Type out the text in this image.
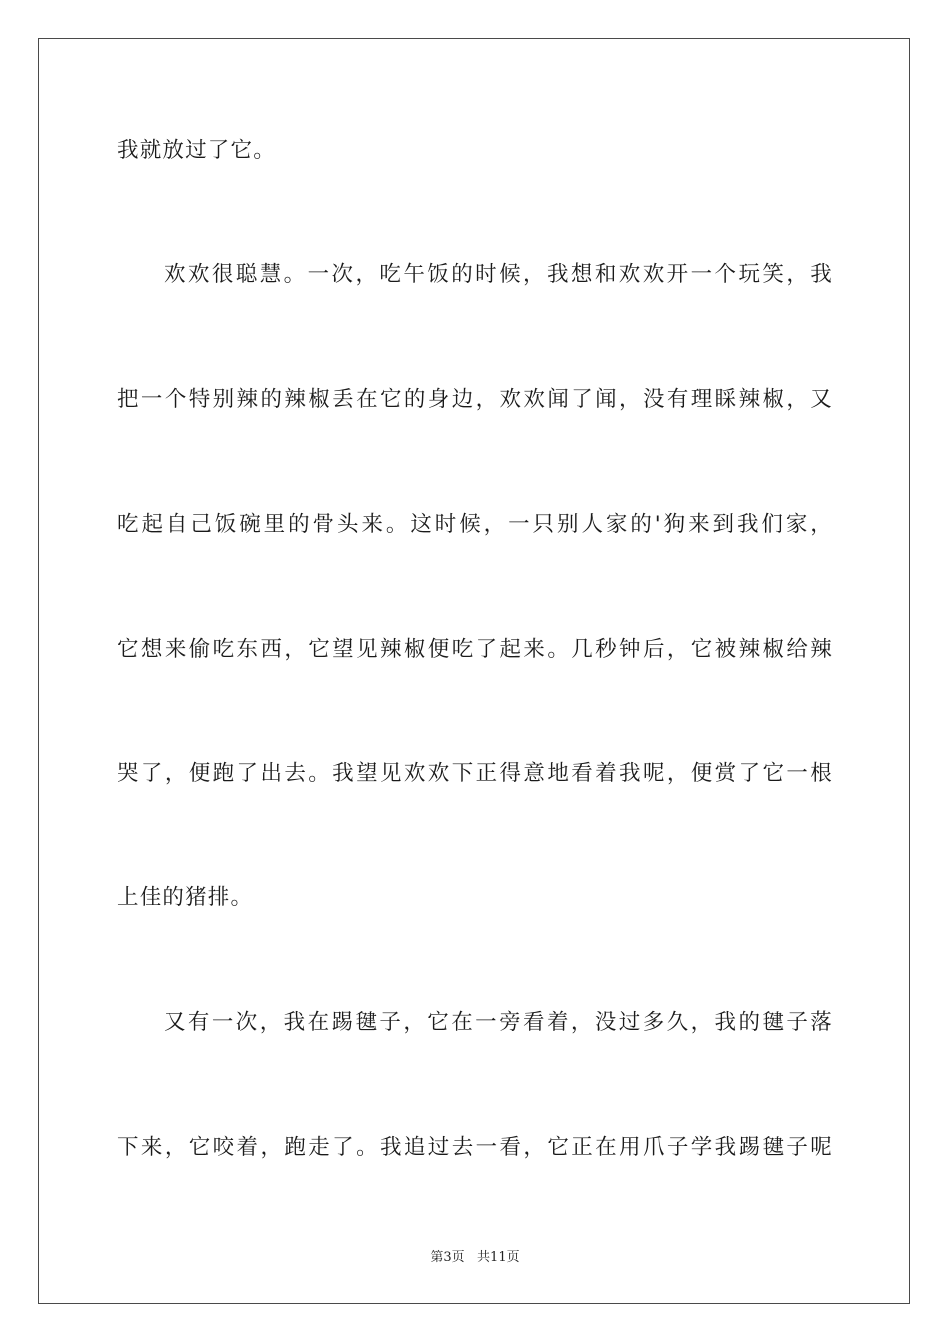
我就放过了它。
欢欢很聪慧。一次，吃午饭的时候，我想和欢欢开一个玩笑，我
把一个特别辣的辣椒丢在它的身边，欢欢闻了闻，没有理睬辣椒，又
吃起自己饭碗里的骨头来。这时候，一只别人家的'狗来到我们家，
它想来偷吃东西，它望见辣椒便吃了起来。几秒钟后，它被辣椒给辣
哭了，便跑了出去。我望见欢欢下正得意地看着我呢，便赏了它一根
上佳的猪排。
又有一次，我在踢毽子，它在一旁看着，没过多久，我的毽子落
下来，它咬着，跑走了。我追过去一看，它正在用爪子学我踢毽子呢
第3页   共11页
